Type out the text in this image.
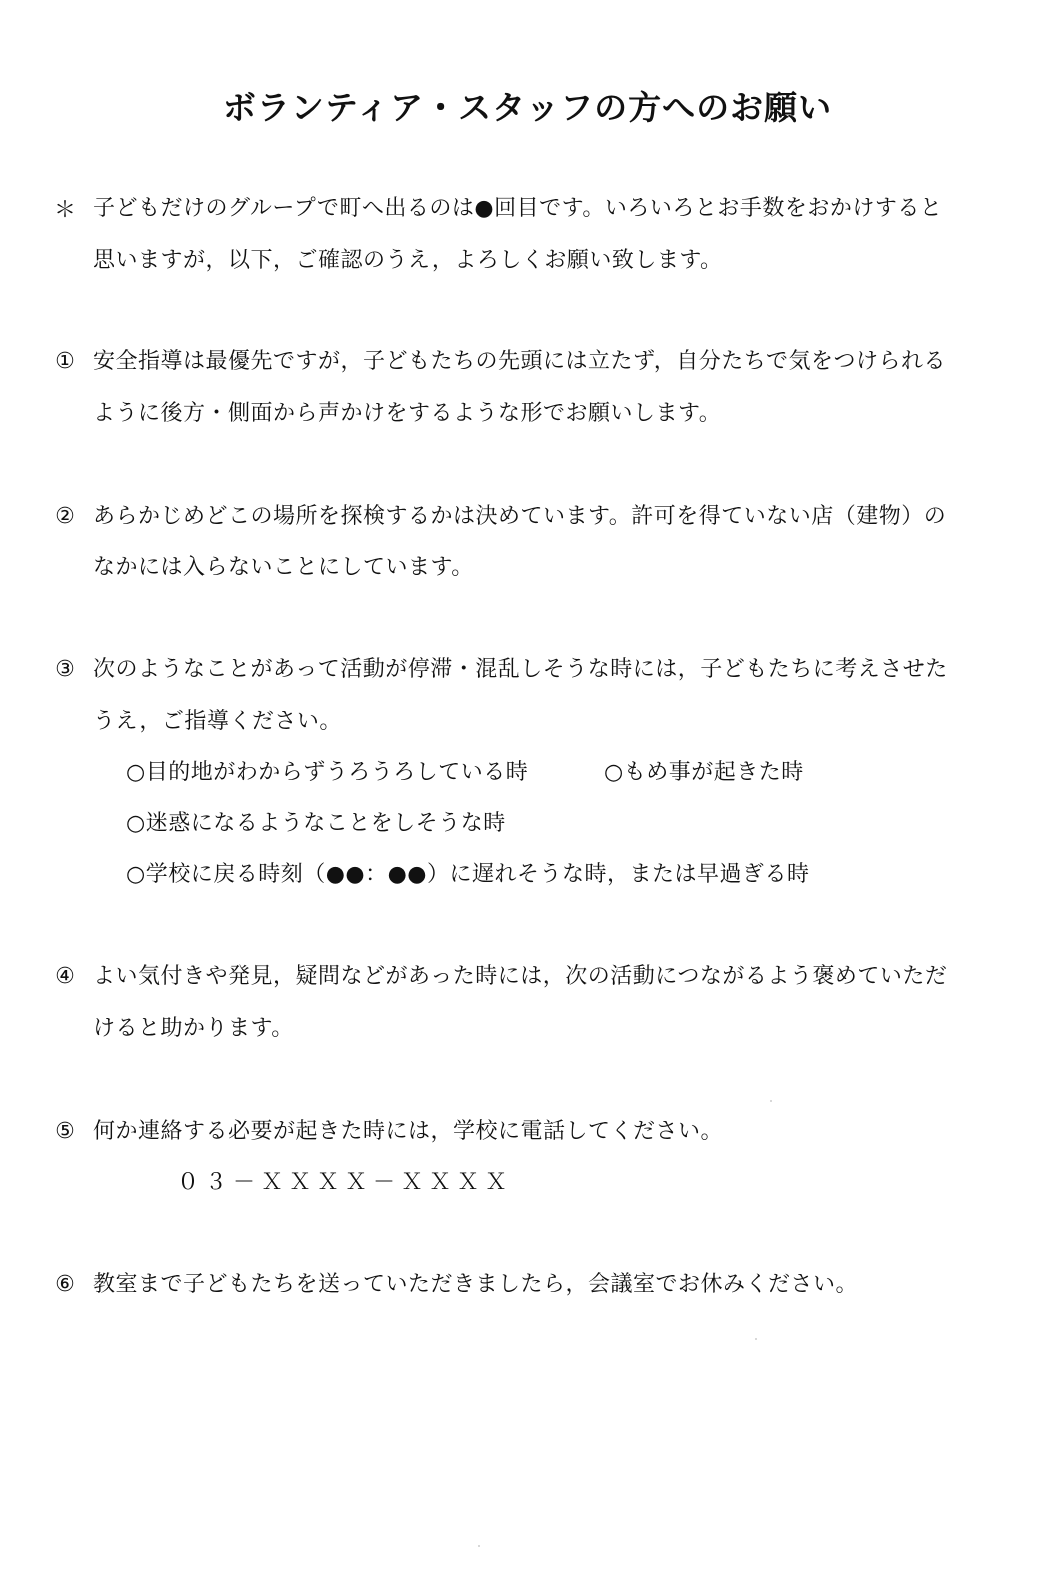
ボランティア・スタッフの方へのお願い
＊ 子どもだけのグループで町へ出るのは●回目です。いろいろとお手数をおかけすると
思いますが，以下，ご確認のうえ，よろしくお願い致します。
① 安全指導は最優先ですが，子どもたちの先頭には立たず，自分たちで気をつけられる
ように後方・側面から声かけをするような形でお願いします。
② あらかじめどこの場所を探検するかは決めています。許可を得ていない店（建物）の
なかには入らないことにしています。
③ 次のようなことがあって活動が停滞・混乱しそうな時には，子どもたちに考えさせた
うえ，ご指導ください。
○目的地がわからずうろうろしている時	○もめ事が起きた時
○迷惑になるようなことをしそうな時
○学校に戻る時刻（●●：●●）に遅れそうな時，または早過ぎる時
④ よい気付きや発見，疑問などがあった時には，次の活動につながるよう褒めていただ
けると助かります。
⑤ 何か連絡する必要が起きた時には，学校に電話してください。
０３－ＸＸＸＸ－ＸＸＸＸ
⑥ 教室まで子どもたちを送っていただきましたら，会議室でお休みください。
